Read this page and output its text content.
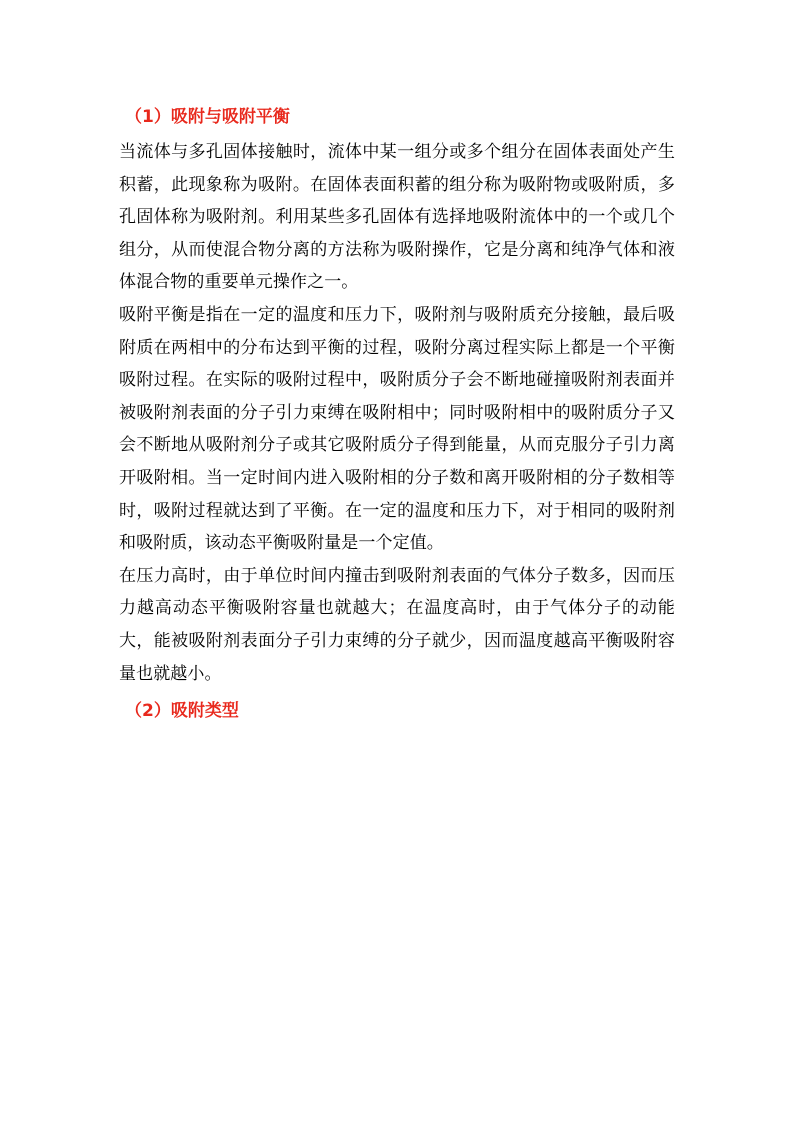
（1）吸附与吸附平衡

当流体与多孔固体接触时，流体中某一组分或多个组分在固体表面处产生积蓄，此现象称为吸附。在固体表面积蓄的组分称为吸附物或吸附质，多孔固体称为吸附剂。利用某些多孔固体有选择地吸附流体中的一个或几个组分，从而使混合物分离的方法称为吸附操作，它是分离和纯净气体和液体混合物的重要单元操作之一。

吸附平衡是指在一定的温度和压力下，吸附剂与吸附质充分接触，最后吸附质在两相中的分布达到平衡的过程，吸附分离过程实际上都是一个平衡吸附过程。在实际的吸附过程中，吸附质分子会不断地碰撞吸附剂表面并被吸附剂表面的分子引力束缚在吸附相中；同时吸附相中的吸附质分子又会不断地从吸附剂分子或其它吸附质分子得到能量，从而克服分子引力离开吸附相。当一定时间内进入吸附相的分子数和离开吸附相的分子数相等时，吸附过程就达到了平衡。在一定的温度和压力下，对于相同的吸附剂和吸附质，该动态平衡吸附量是一个定值。

在压力高时，由于单位时间内撞击到吸附剂表面的气体分子数多，因而压力越高动态平衡吸附容量也就越大；在温度高时，由于气体分子的动能大，能被吸附剂表面分子引力束缚的分子就少，因而温度越高平衡吸附容量也就越小。

（2）吸附类型
